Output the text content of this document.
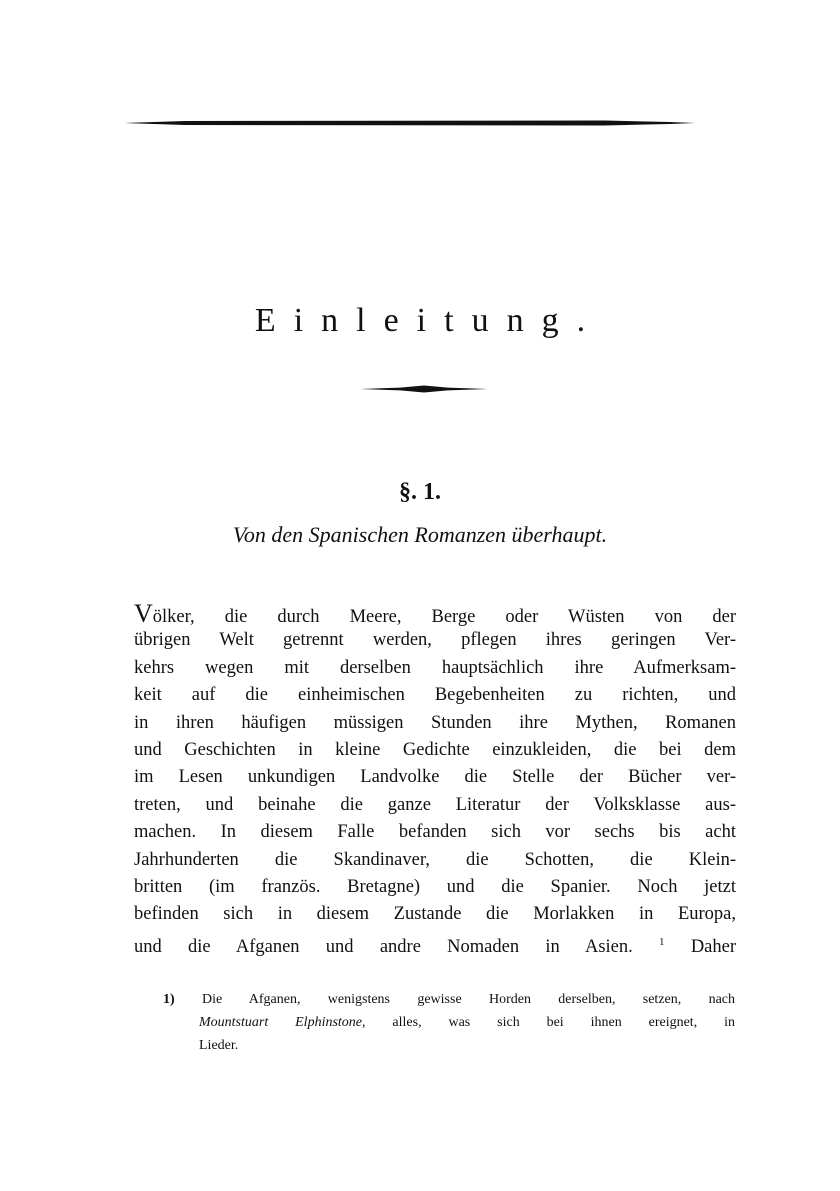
Einleitung.
§. 1.
Von den Spanischen Romanzen überhaupt.
Völker, die durch Meere, Berge oder Wüsten von der
übrigen Welt getrennt werden, pflegen ihres geringen Ver-
kehrs wegen mit derselben hauptsächlich ihre Aufmerksam-
keit auf die einheimischen Begebenheiten zu richten, und
in ihren häufigen müssigen Stunden ihre Mythen, Romanen
und Geschichten in kleine Gedichte einzukleiden, die bei dem
im Lesen unkundigen Landvolke die Stelle der Bücher ver-
treten, und beinahe die ganze Literatur der Volksklasse aus-
machen. In diesem Falle befanden sich vor sechs bis acht
Jahrhunderten die Skandinaver, die Schotten, die Klein-
britten (im französ. Bretagne) und die Spanier. Noch jetzt
befinden sich in diesem Zustande die Morlakken in Europa,
und die Afganen und andre Nomaden in Asien. $^1$ Daher
1) Die Afganen, wenigstens gewisse Horden derselben, setzen, nach
Mountstuart Elphinstone, alles, was sich bei ihnen ereignet, in
Lieder.
